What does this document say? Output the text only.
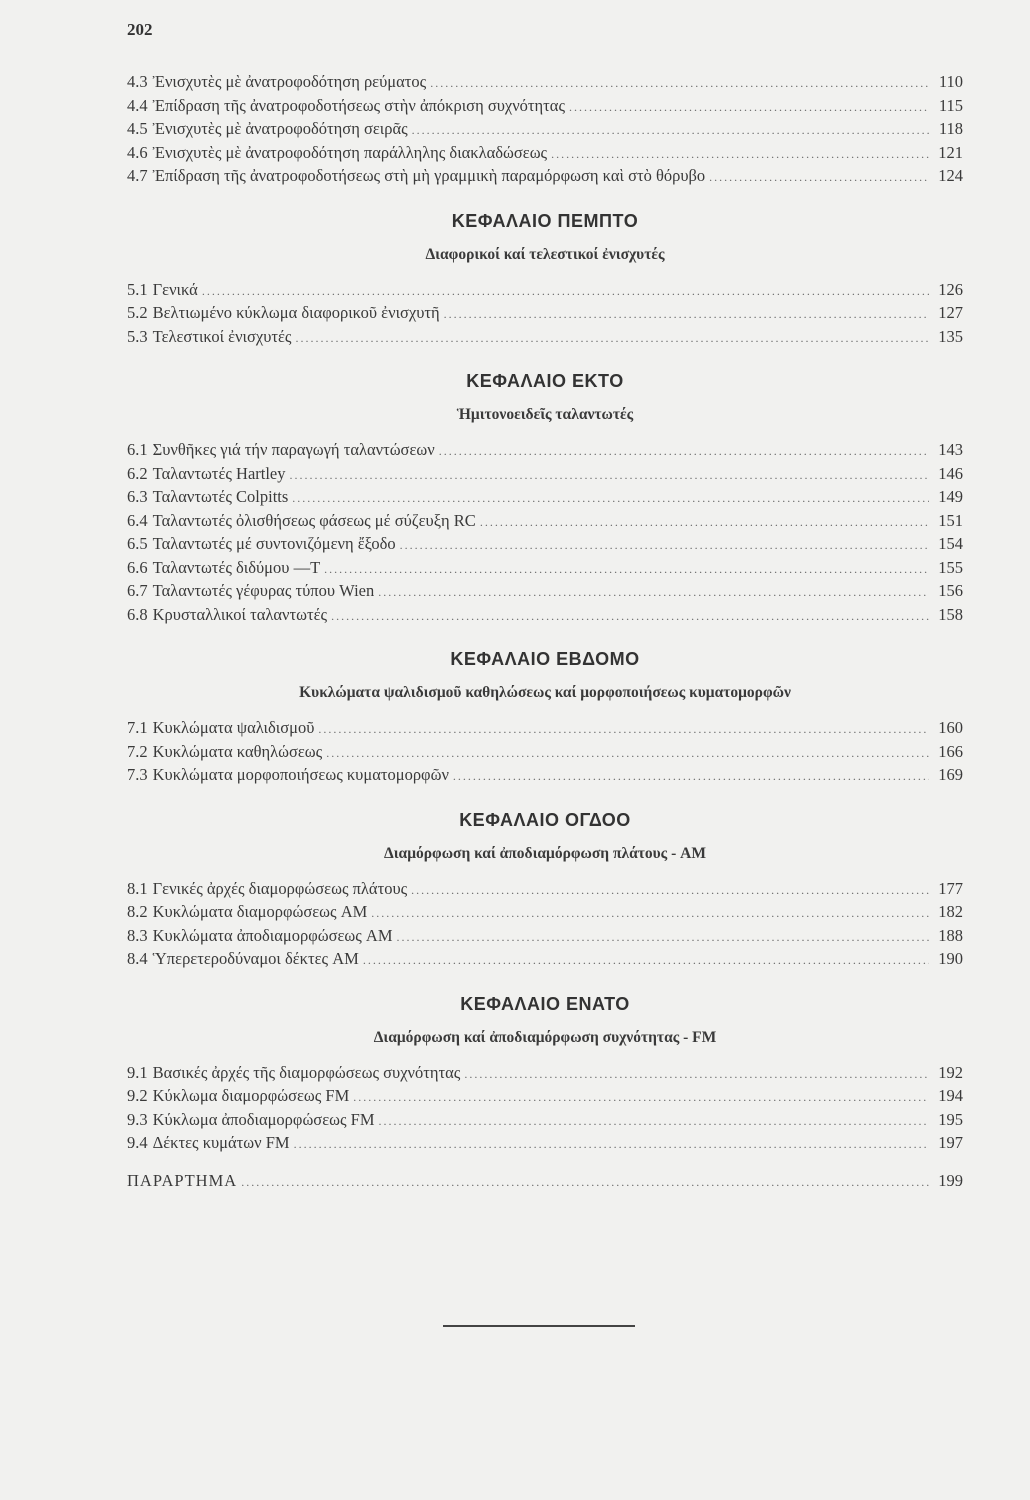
202
4.3 Ἐνισχυτὲς μὲ ἀνατροφοδότηση ρεύματος .....	110
4.4 Ἐπίδραση τῆς ἀνατροφοδοτήσεως στὴν ἀπόκριση συχνότητας .....	115
4.5 Ἐνισχυτὲς μὲ ἀνατροφοδότηση σειρᾶς .....	118
4.6 Ἐνισχυτὲς μὲ ἀνατροφοδότηση παράλληλης διακλαδώσεως .....	121
4.7 Ἐπίδραση τῆς ἀνατροφοδοτήσεως στὴ μὴ γραμμικὴ παραμόρφωση καὶ στὸ θόρυβο .....	124
ΚΕΦΑΛΑΙΟ ΠΕΜΠΤΟ
Διαφορικοί καί τελεστικοί ἐνισχυτές
5.1 Γενικά .....	126
5.2 Βελτιωμένο κύκλωμα διαφορικοῦ ἐνισχυτῆ .....	127
5.3 Τελεστικοί ἐνισχυτές .....	135
ΚΕΦΑΛΑΙΟ ΕΚΤΟ
Ἡμιτονοειδεῖς ταλαντωτές
6.1 Συνθῆκες γιά τήν παραγωγή ταλαντώσεων .....	143
6.2 Ταλαντωτές Hartley .....	146
6.3 Ταλαντωτές Colpitts .....	149
6.4 Ταλαντωτές ὀλισθήσεως φάσεως μέ σύζευξη RC .....	151
6.5 Ταλαντωτές μέ συντονιζόμενη ἔξοδο .....	154
6.6 Ταλαντωτές διδύμου —T .....	155
6.7 Ταλαντωτές γέφυρας τύπου Wien .....	156
6.8 Κρυσταλλικοί ταλαντωτές .....	158
ΚΕΦΑΛΑΙΟ ΕΒΔΟΜΟ
Κυκλώματα ψαλιδισμοῦ καθηλώσεως καί μορφοποιήσεως κυματομορφῶν
7.1 Κυκλώματα ψαλιδισμοῦ .....	160
7.2 Κυκλώματα καθηλώσεως .....	166
7.3 Κυκλώματα μορφοποιήσεως κυματομορφῶν .....	169
ΚΕΦΑΛΑΙΟ ΟΓΔΟΟ
Διαμόρφωση καί ἀποδιαμόρφωση πλάτους - AM
8.1 Γενικές ἀρχές διαμορφώσεως πλάτους .....	177
8.2 Κυκλώματα διαμορφώσεως AM .....	182
8.3 Κυκλώματα ἀποδιαμορφώσεως AM .....	188
8.4 Ὑπερετεροδύναμοι δέκτες AM .....	190
ΚΕΦΑΛΑΙΟ ΕΝΑΤΟ
Διαμόρφωση καί ἀποδιαμόρφωση συχνότητας - FM
9.1 Βασικές ἀρχές τῆς διαμορφώσεως συχνότητας .....	192
9.2 Κύκλωμα διαμορφώσεως FM .....	194
9.3 Κύκλωμα ἀποδιαμορφώσεως FM .....	195
9.4 Δέκτες κυμάτων FM .....	197
ΠΑΡΑΡΤΗΜΑ .....	199
